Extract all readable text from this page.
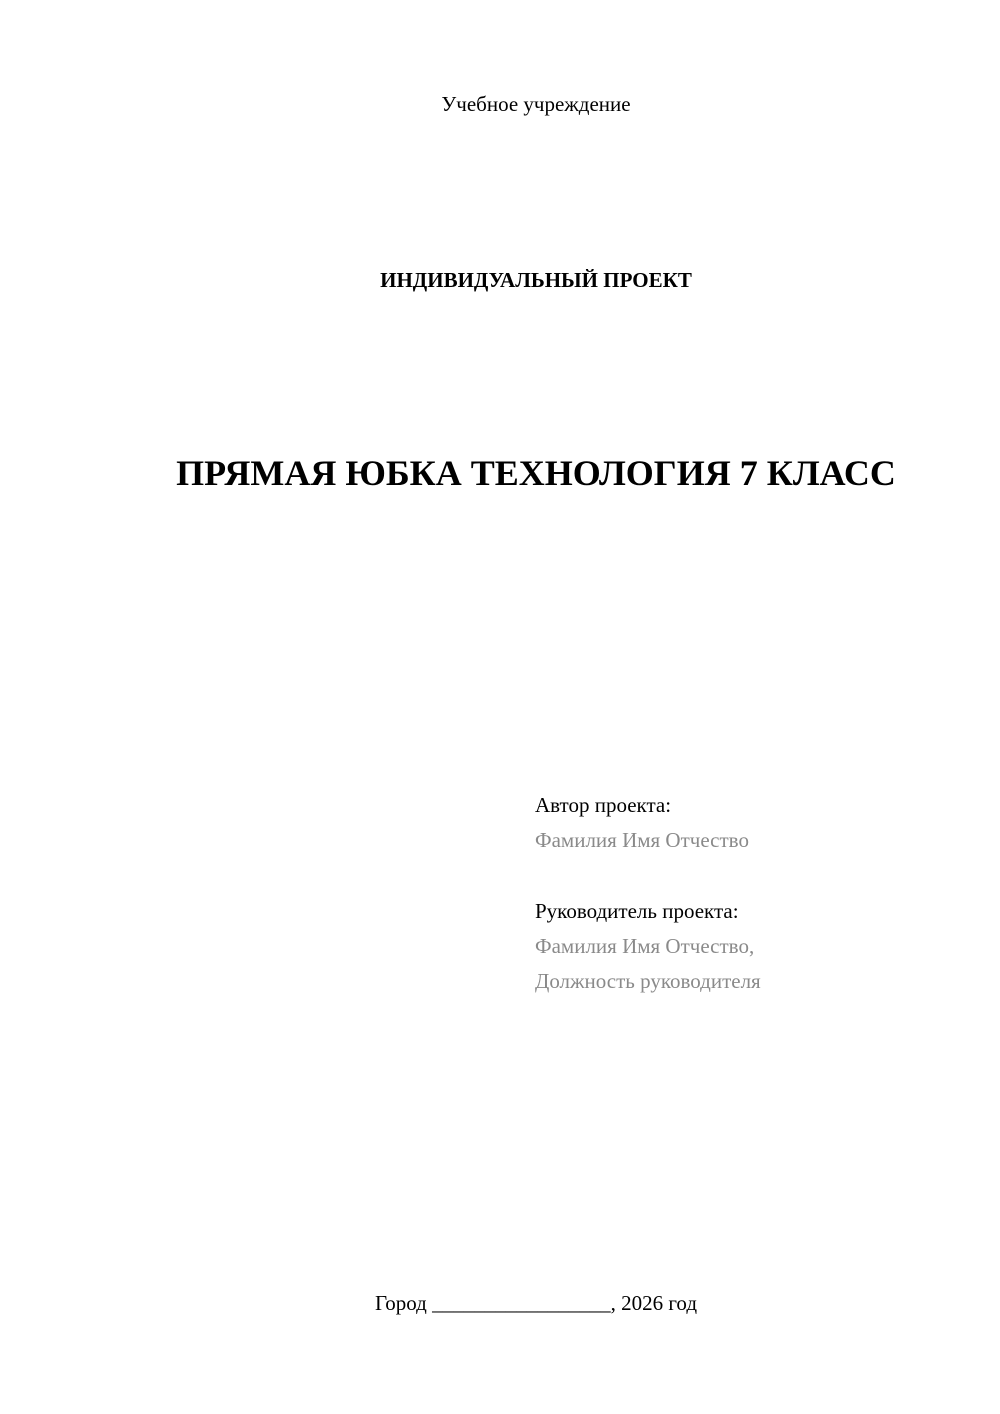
Учебное учреждение
ИНДИВИДУАЛЬНЫЙ ПРОЕКТ
ПРЯМАЯ ЮБКА ТЕХНОЛОГИЯ 7 КЛАСС
Автор проекта:
Фамилия Имя Отчество
Руководитель проекта:
Фамилия Имя Отчество,
Должность руководителя
Город _________________, 2026 год
